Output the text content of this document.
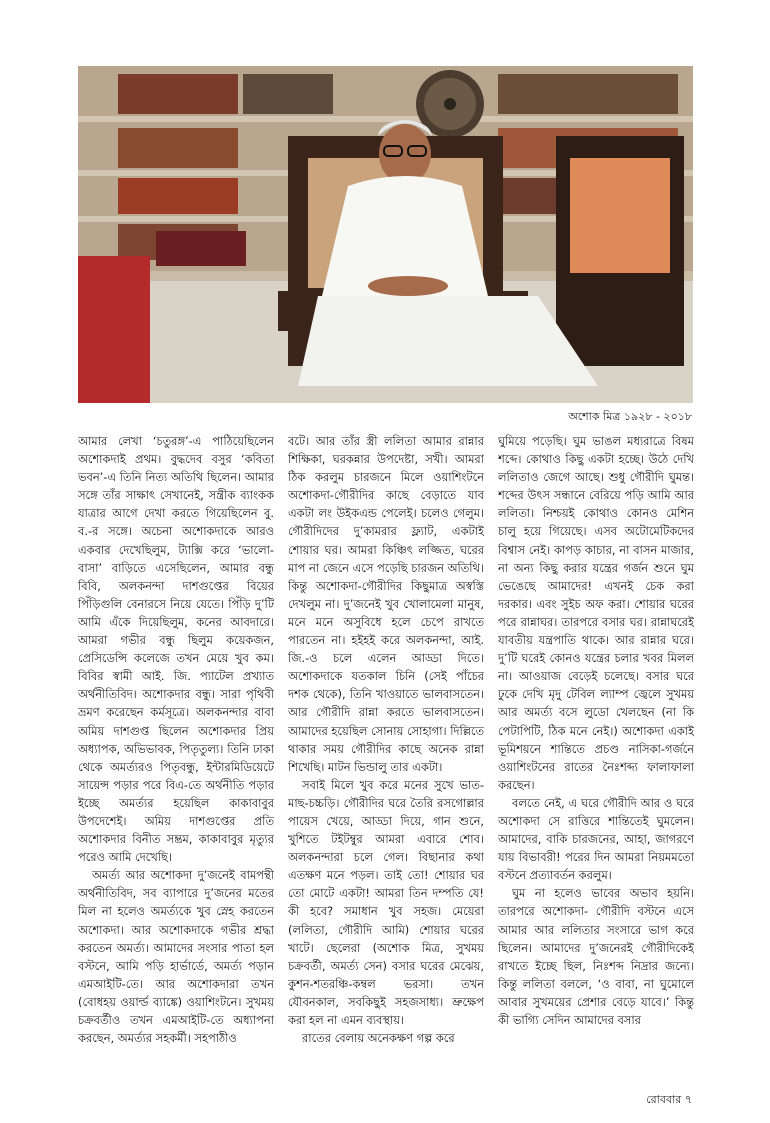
অশোক মিত্র ১৯২৮ - ২০১৮

আমার লেখা ‘চতুরঙ্গ’-এ পাঠিয়েছিলেন অশোকদাই প্রথম। বুদ্ধদেব বসুর ‘কবিতা ভবন’-এ তিনি নিত্য অতিথি ছিলেন। আমার সঙ্গে তাঁর সাক্ষাৎ সেখানেই, সন্ত্রীক ব্যাংকক যাত্রার আগে দেখা করতে গিয়েছিলেন বু. ব.-র সঙ্গে। অচেনা অশোকদাকে আরও একবার দেখেছিলুম, ট্যাক্সি করে ‘ভালো-বাসা’ বাড়িতে এসেছিলেন, আমার বন্ধু বিবি, অলকনন্দা দাশগুপ্তের বিয়ের পিঁড়িগুলি বেনারসে নিয়ে যেতে। পিঁড়ি দু’টি আমি এঁকে দিয়েছিলুম, কনের আবদারে। আমরা গভীর বন্ধু ছিলুম কয়েকজন, প্রেসিডেন্সি কলেজে তখন মেয়ে খুব কম। বিবির স্বামী আই. জি. প্যাটেল প্রখ্যাত অর্থনীতিবিদ। অশোকদার বন্ধু। সারা পৃথিবী ভ্রমণ করেছেন কর্মসূত্রে। অলকনন্দার বাবা অমিয় দাশগুপ্ত ছিলেন অশোকদার প্রিয় অধ্যাপক, অভিভাবক, পিতৃতুল্য। তিনি ঢাকা থেকে অমর্ত্যরও পিতৃবন্ধু, ইন্টারমিডিয়েটে সায়েন্স পড়ার পরে বিএ-তে অর্থনীতি পড়ার ইচ্ছে অমর্ত্যর হয়েছিল কাকাবাবুর উপদেশেই। অমিয় দাশগুপ্তের প্রতি অশোকদার বিনীত সম্ভ্রম, কাকাবাবুর মৃত্যুর পরেও আমি দেখেছি।

অমর্ত্য আর অশোকদা দু’জনেই বামপন্থী অর্থনীতিবিদ, সব ব্যাপারে দু’জনের মতের মিল না হলেও অমর্ত্যকে খুব স্নেহ করতেন অশোকদা। আর অশোকদাকে গভীর শ্রদ্ধা করতেন অমর্ত্য। আমাদের সংসার পাতা হল বস্টনে, আমি পড়ি হার্ভার্ডে, অমর্ত্য পড়ান এমআইটি-তে। আর অশোকদারা তখন (বোধহয় ওয়ার্ল্ড ব্যাঙ্কে) ওয়াশিংটনে। সুখময় চক্রবর্তীও তখন এমআইটি-তে অধ্যাপনা করছেন, অমর্ত্যর সহকর্মী। সহপাঠীও

বটে। আর তাঁর স্ত্রী ললিতা আমার রান্নার শিক্ষিকা, ঘরকন্নার উপদেষ্টা, সখী। আমরা ঠিক করলুম চারজনে মিলে ওয়াশিংটনে অশোকদা-গৌরীদির কাছে বেড়াতে যাব একটা লং উইকএন্ড পেলেই। চলেও গেলুম। গৌরীদিদের দু’কামরার ফ্ল্যাট, একটাই শোয়ার ঘর। আমরা কিঞ্চিৎ লজ্জিত, ঘরের মাপ না জেনে এসে পড়েছি চারজন অতিথি। কিন্তু অশোকদা-গৌরীদির কিছুমাত্র অস্বস্তি দেখলুম না। দু’জনেই খুব খোলামেলা মানুষ, মনে মনে অসুবিধে হলে চেপে রাখতে পারতেন না। হইহই করে অলকনন্দা, আই. জি.-ও চলে এলেন আড্ডা দিতে। অশোকদাকে যতকাল চিনি (সেই পাঁচের দশক থেকে), তিনি খাওয়াতে ভালবাসতেন। আর গৌরীদি রান্না করতে ভালবাসতেন। আমাদের হয়েছিল সোনায় সোহাগা। দিল্লিতে থাকার সময় গৌরীদির কাছে অনেক রান্না শিখেছি। মাটন ভিন্ডালু তার একটা।

সবাই মিলে খুব করে মনের সুখে ভাত-মাছ-চচ্চড়ি। গৌরীদির ঘরে তৈরি রসগোল্লার পায়েস খেয়ে, আড্ডা দিয়ে, গান শুনে, খুশিতে টইটম্বুর আমরা এবারে শোব। অলকনন্দারা চলে গেল। বিছানার কথা এতক্ষণ মনে পড়ল। তাই তো! শোয়ার ঘর তো মোটে একটা! আমরা তিন দম্পতি যে! কী হবে? সমাধান খুব সহজ। মেয়েরা (ললিতা, গৌরীদি আমি) শোয়ার ঘরের খাটে। ছেলেরা (অশোক মিত্র, সুখময় চক্রবর্তী, অমর্ত্য সেন) বসার ঘরের মেঝেয়, কুশন-শতরঞ্চি-কম্বল ভরসা। তখন যৌবনকাল, সবকিছুই সহজসাধ্য। ভ্রুক্ষেপ করা হল না এমন ব্যবস্থায়।

রাতের বেলায় অনেকক্ষণ গল্প করে

ঘুমিয়ে পড়েছি। ঘুম ভাঙল মধ্যরাত্রে বিষম শব্দে। কোথাও কিছু একটা হচ্ছে। উঠে দেখি ললিতাও জেগে আছে। শুধু গৌরীদি ঘুমন্ত। শব্দের উৎস সন্ধানে বেরিয়ে পড়ি আমি আর ললিতা। নিশ্চয়ই কোথাও কোনও মেশিন চালু হয়ে গিয়েছে। এসব অটোমেটিকদের বিশ্বাস নেই। কাপড় কাচার, না বাসন মাজার, না অন্য কিছু করার যন্ত্রের গর্জন শুনে ঘুম ভেঙেছে আমাদের! এখনই চেক করা দরকার। এবং সুইচ অফ করা। শোয়ার ঘরের পরে রান্নাঘর। তারপরে বসার ঘর। রান্নাঘরেই যাবতীয় যন্ত্রপাতি থাকে। আর রান্নার ঘরে। দু’টি ঘরেই কোনও যন্ত্রের চলার খবর মিলল না। আওয়াজ বেড়েই চলেছে। বসার ঘরে ঢুকে দেখি মৃদু টেবিল ল্যাম্প জ্বেলে সুখময় আর অমর্ত্য বসে লুডো খেলছেন (না কি পেটাপিটি, ঠিক মনে নেই।) অশোকদা একাই ভূমিশয়নে শান্তিতে প্রচণ্ড নাসিকা-গর্জনে ওয়াশিংটনের রাতের নৈঃশব্দ্য ফালাফালা করছেন।

বলতে নেই, এ ঘরে গৌরীদি আর ও ঘরে অশোকদা সে রাত্তিরে শান্তিতেই ঘুমলেন। আমাদের, বাকি চারজনের, আহা, জাগরণে যায় বিভাবরী! পরের দিন আমরা নিয়মমতো বস্টনে প্রত্যাবর্তন করলুম।

ঘুম না হলেও ভাবের অভাব হয়নি। তারপরে অশোকদা- গৌরীদি বস্টনে এসে আমার আর ললিতার সংসারে ভাগ করে ছিলেন। আমাদের দু’জনেরই গৌরীদিকেই রাখতে ইচ্ছে ছিল, নিঃশব্দ নিদ্রার জন্যে। কিন্তু ললিতা বললে, ‘ও বাবা, না ঘুমোলে আবার সুখময়ের প্রেশার বেড়ে যাবে।’ কিন্তু কী ভাগ্যি সেদিন আমাদের বসার

রোববার ৭
